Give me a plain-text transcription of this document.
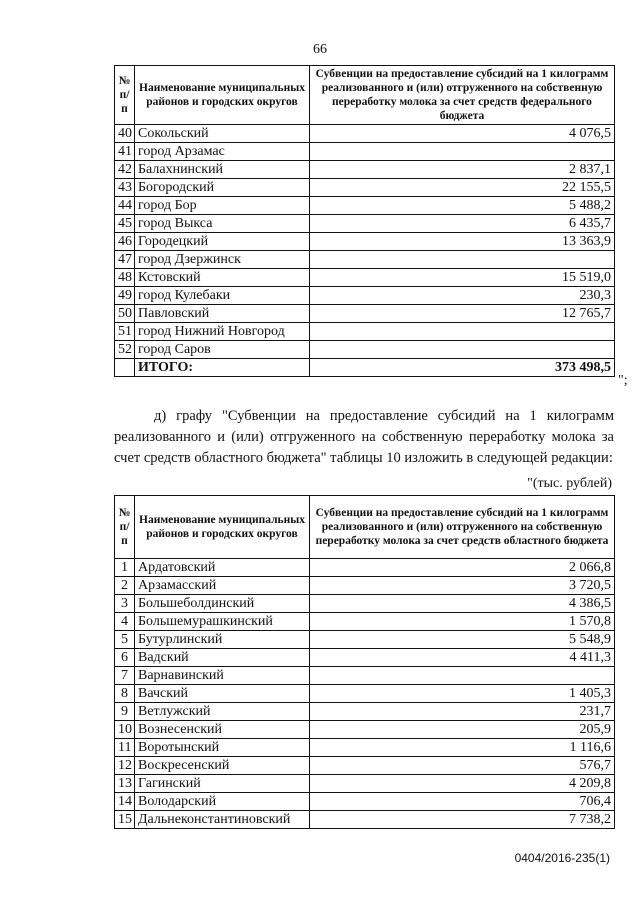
66
№ п/п	Наименование муниципальных районов и городских округов	Субвенции на предоставление субсидий на 1 килограмм реализованного и (или) отгруженного на собственную переработку молока за счет средств федерального бюджета
40	Сокольский	4 076,5
41	город Арзамас	
42	Балахнинский	2 837,1
43	Богородский	22 155,5
44	город Бор	5 488,2
45	город Выкса	6 435,7
46	Городецкий	13 363,9
47	город Дзержинск	
48	Кстовский	15 519,0
49	город Кулебаки	230,3
50	Павловский	12 765,7
51	город Нижний Новгород	
52	город Саров	
	ИТОГО:	373 498,5
";
д) графу "Субвенции на предоставление субсидий на 1 килограмм реализованного и (или) отгруженного на собственную переработку молока за счет средств областного бюджета" таблицы 10 изложить в следующей редакции:
"(тыс. рублей)
№ п/п	Наименование муниципальных районов и городских округов	Субвенции на предоставление субсидий на 1 килограмм реализованного и (или) отгруженного на собственную переработку молока за счет средств областного бюджета
1	Ардатовский	2 066,8
2	Арзамасский	3 720,5
3	Большеболдинский	4 386,5
4	Большемурашкинский	1 570,8
5	Бутурлинский	5 548,9
6	Вадский	4 411,3
7	Варнавинский	
8	Вачский	1 405,3
9	Ветлужский	231,7
10	Вознесенский	205,9
11	Воротынский	1 116,6
12	Воскресенский	576,7
13	Гагинский	4 209,8
14	Володарский	706,4
15	Дальнеконстантиновский	7 738,2
0404/2016-235(1)
